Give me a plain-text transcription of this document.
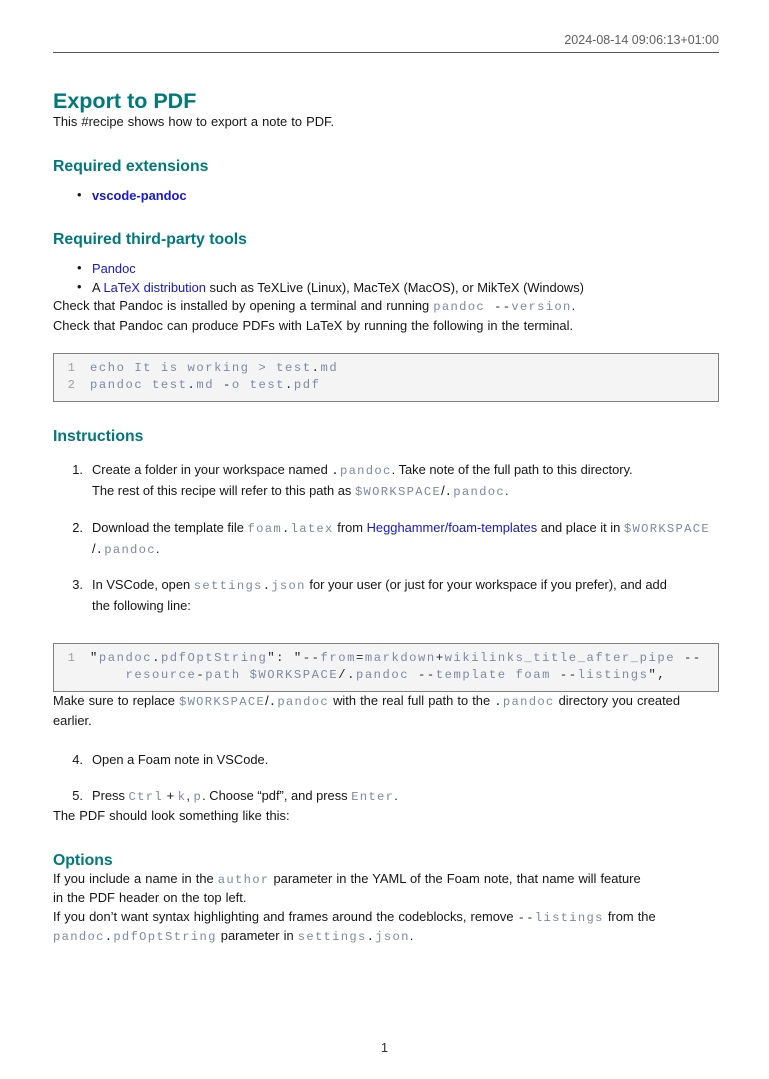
2024-08-14 09:06:13+01:00
Export to PDF

This #recipe shows how to export a note to PDF.

Required extensions
• vscode-pandoc
Required third-party tools
• Pandoc
• A LaTeX distribution such as TeXLive (Linux), MacTeX (MacOS), or MikTeX (Windows)

Check that Pandoc is installed by opening a terminal and running pandoc --version.
Check that Pandoc can produce PDFs with LaTeX by running the following in the terminal.

1 echo It is working > test.md
2 pandoc test.md -o test.pdf
Instructions
1. Create a folder in your workspace named .pandoc. Take note of the full path to this directory.
The rest of this recipe will refer to this path as $WORKSPACE/.pandoc.
2. Download the template file foam.latex from Hegghammer/foam-templates and place it in $WORKSPACE
/.pandoc.
3. In VSCode, open settings.json for your user (or just for your workspace if you prefer), and add
the following line:
1 "pandoc.pdfOptString": "--from=markdown+wikilinks_title_after_pipe --
resource-path $WORKSPACE/.pandoc --template foam --listings",

Make sure to replace $WORKSPACE/.pandoc with the real full path to the .pandoc directory you created
earlier.

4. Open a Foam note in VSCode.
5. Press Ctrl + k, p. Choose “pdf”, and press Enter.

The PDF should look something like this:

Options

If you include a name in the author parameter in the YAML of the Foam note, that name will feature
in the PDF header on the top left.
If you don’t want syntax highlighting and frames around the codeblocks, remove --listings from the
pandoc.pdfOptString parameter in settings.json.

1
